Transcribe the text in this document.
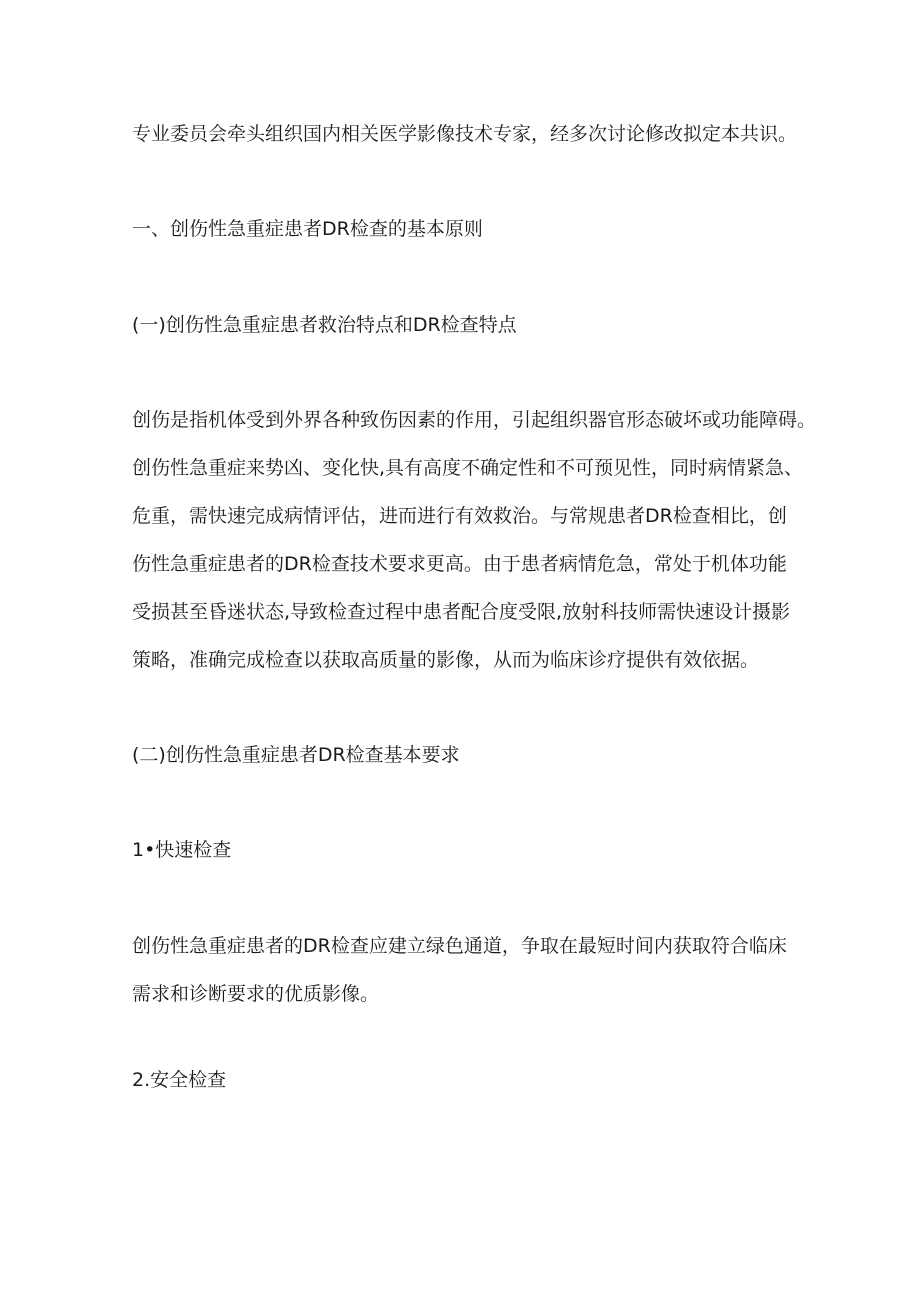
专业委员会牵头组织国内相关医学影像技术专家，经多次讨论修改拟定本共识。
一、创伤性急重症患者DR检查的基本原则
(一)创伤性急重症患者救治特点和DR检查特点
创伤是指机体受到外界各种致伤因素的作用，引起组织器官形态破坏或功能障碍。
创伤性急重症来势凶、变化快,具有高度不确定性和不可预见性，同时病情紧急、
危重，需快速完成病情评估，进而进行有效救治。与常规患者DR检查相比，创
伤性急重症患者的DR检查技术要求更高。由于患者病情危急，常处于机体功能
受损甚至昏迷状态,导致检查过程中患者配合度受限,放射科技师需快速设计摄影
策略，准确完成检查以获取高质量的影像，从而为临床诊疗提供有效依据。
(二)创伤性急重症患者DR检查基本要求
1•快速检查
创伤性急重症患者的DR检查应建立绿色通道，争取在最短时间内获取符合临床
需求和诊断要求的优质影像。
2.安全检查
